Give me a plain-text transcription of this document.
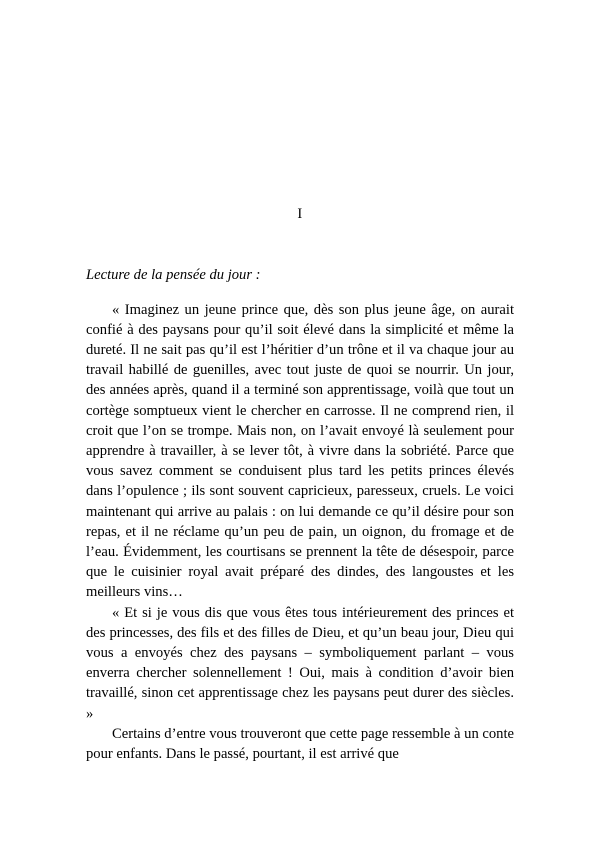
I
Lecture de la pensée du jour :

« Imaginez un jeune prince que, dès son plus jeune âge, on aurait confié à des paysans pour qu’il soit élevé dans la simplicité et même la dureté. Il ne sait pas qu’il est l’héritier d’un trône et il va chaque jour au travail habillé de guenilles, avec tout juste de quoi se nourrir. Un jour, des années après, quand il a terminé son apprentissage, voilà que tout un cortège somptueux vient le chercher en carrosse. Il ne comprend rien, il croit que l’on se trompe. Mais non, on l’avait envoyé là seulement pour apprendre à travailler, à se lever tôt, à vivre dans la sobriété. Parce que vous savez comment se conduisent plus tard les petits princes élevés dans l’opulence ; ils sont souvent capricieux, paresseux, cruels. Le voici maintenant qui arrive au palais : on lui demande ce qu’il désire pour son repas, et il ne réclame qu’un peu de pain, un oignon, du fromage et de l’eau. Évidemment, les courtisans se prennent la tête de désespoir, parce que le cuisinier royal avait préparé des dindes, des langoustes et les meilleurs vins…

« Et si je vous dis que vous êtes tous intérieurement des princes et des princesses, des fils et des filles de Dieu, et qu’un beau jour, Dieu qui vous a envoyés chez des paysans – symboliquement parlant – vous enverra chercher solennellement ! Oui, mais à condition d’avoir bien travaillé, sinon cet apprentissage chez les paysans peut durer des siècles. »

Certains d’entre vous trouveront que cette page ressemble à un conte pour enfants. Dans le passé, pourtant, il est arrivé que
